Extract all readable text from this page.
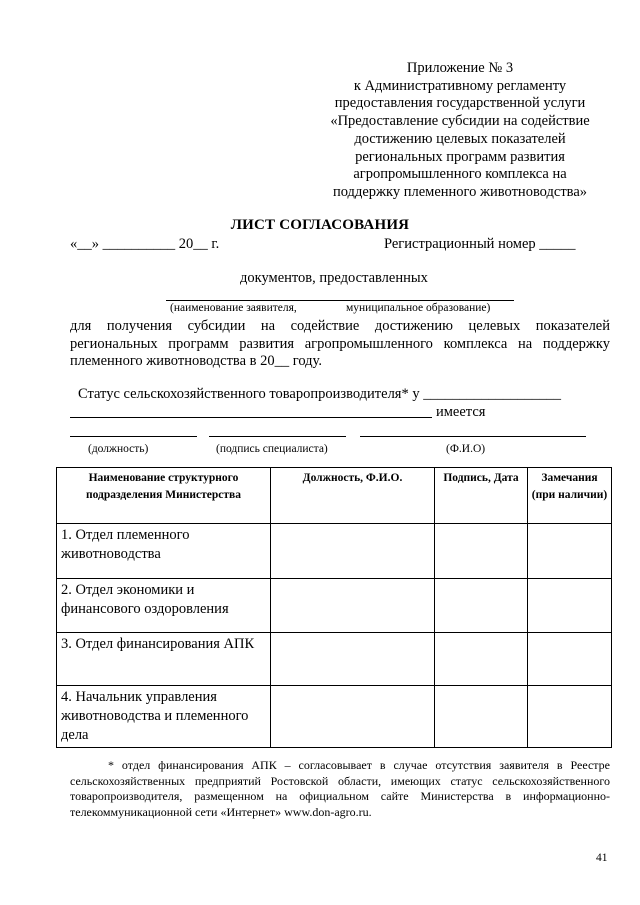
Приложение № 3
к Административному регламенту
предоставления государственной услуги
«Предоставление субсидии на содействие
достижению целевых показателей
региональных программ развития
агропромышленного комплекса на
поддержку племенного животноводства»
ЛИСТ СОГЛАСОВАНИЯ
«__» __________ 20__ г.	Регистрационный номер _____
документов, предоставленных
(наименование заявителя,	муниципальное образование)
для получения субсидии на содействие достижению целевых показателей региональных программ развития агропромышленного комплекса на поддержку племенного животноводства в 20__ году.
Статус сельскохозяйственного товаропроизводителя* у ___________________
имеется
(должность)	(подпись специалиста)	(Ф.И.О)
Наименование структурного подразделения Министерства	Должность, Ф.И.О.	Подпись, Дата	Замечания (при наличии)
1. Отдел племенного животноводства			
2. Отдел экономики и финансового оздоровления			
3. Отдел финансирования АПК			
4. Начальник управления животноводства и племенного дела			
* отдел финансирования АПК – согласовывает в случае отсутствия заявителя в Реестре сельскохозяйственных предприятий Ростовской области, имеющих статус сельскохозяйственного товаропроизводителя, размещенном на официальном сайте Министерства в информационно-телекоммуникационной сети «Интернет» www.don-agro.ru.
41
